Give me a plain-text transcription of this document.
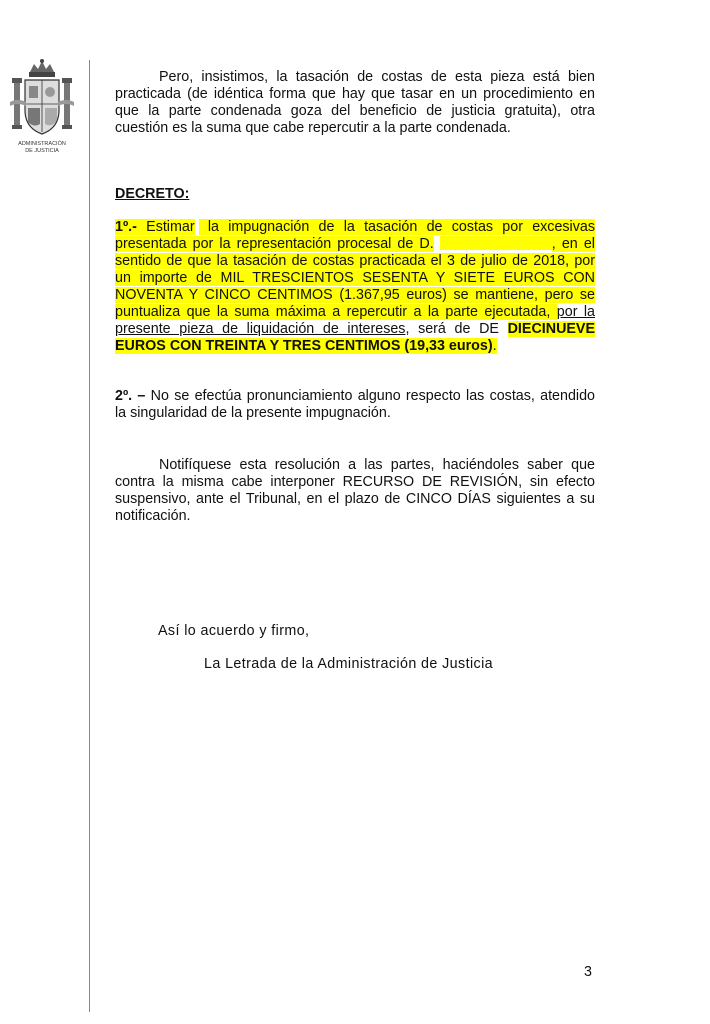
ADMINISTRACIÓN
DE JUSTICIA

Pero, insistimos, la tasación de costas de esta pieza está bien practicada (de idéntica forma que hay que tasar en un procedimiento en que la parte condenada goza del beneficio de justicia gratuita), otra cuestión es la suma que cabe repercutir a la parte condenada.

DECRETO:

1º.- Estimar la impugnación de la tasación de costas por excesivas presentada por la representación procesal de D.	, en el sentido de que la tasación de costas practicada el 3 de julio de 2018, por un importe de MIL TRESCIENTOS SESENTA Y SIETE EUROS CON NOVENTA Y CINCO CENTIMOS (1.367,95 euros) se mantiene, pero se puntualiza que la suma máxima a repercutir a la parte ejecutada, por la presente pieza de liquidación de intereses, será de DE DIECINUEVE EUROS CON TREINTA Y TRES CENTIMOS (19,33 euros).

2º. – No se efectúa pronunciamiento alguno respecto las costas, atendido la singularidad de la presente impugnación.

Notifíquese esta resolución a las partes, haciéndoles saber que contra la misma cabe interponer RECURSO DE REVISIÓN, sin efecto suspensivo, ante el Tribunal, en el plazo de CINCO DÍAS siguientes a su notificación.

Así lo acuerdo y firmo,
La Letrada de la Administración de Justicia
3
